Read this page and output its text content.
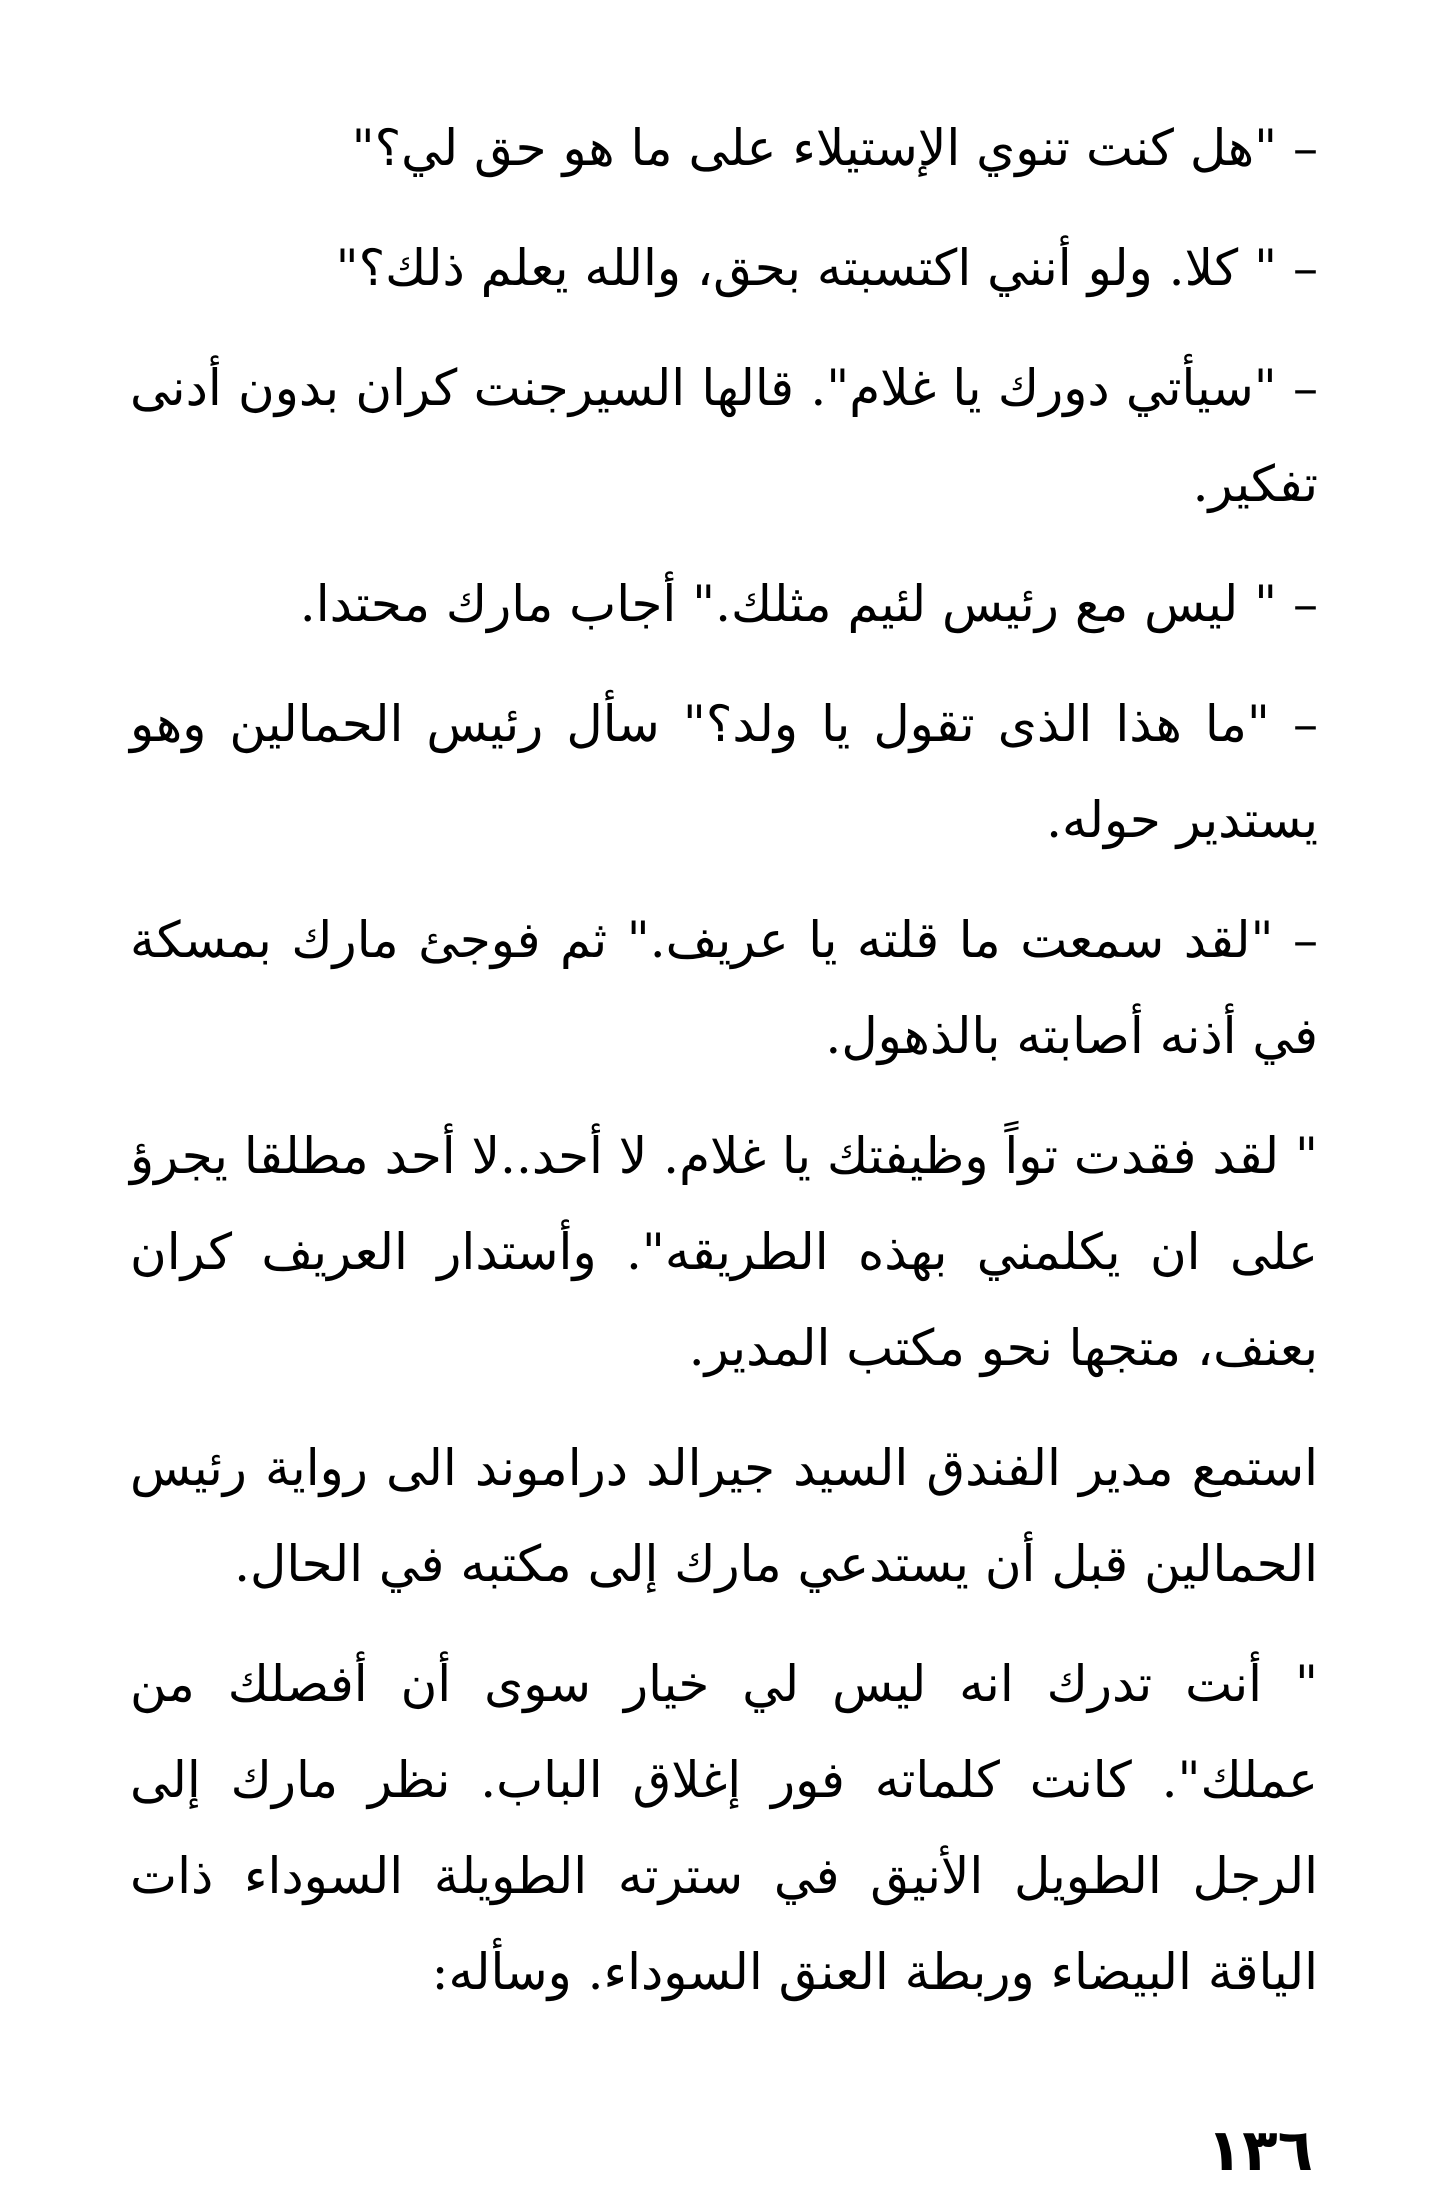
– "هل كنت تنوي الإستيلاء على ما هو حق لي؟"

– " كلا. ولو أنني اكتسبته بحق، والله يعلم ذلك؟"

– "سيأتي دورك يا غلام". قالها السيرجنت كران بدون أدنى تفكير.

– " ليس مع رئيس لئيم مثلك." أجاب مارك محتدا.

– "ما هذا الذى تقول يا ولد؟" سأل رئيس الحمالين وهو يستدير حوله.

– "لقد سمعت ما قلته يا عريف." ثم فوجئ مارك بمسكة في أذنه أصابته بالذهول.

" لقد فقدت تواً وظيفتك يا غلام. لا أحد..لا أحد مطلقا يجرؤ على ان يكلمني بهذه الطريقه". وأستدار العريف كران بعنف، متجها نحو مكتب المدير.

استمع مدير الفندق السيد جيرالد دراموند الى رواية رئيس الحمالين قبل أن يستدعي مارك إلى مكتبه في الحال.

" أنت تدرك انه ليس لي خيار سوى أن أفصلك من عملك". كانت كلماته فور إغلاق الباب. نظر مارك إلى الرجل الطويل الأنيق في سترته الطويلة السوداء ذات الياقة البيضاء وربطة العنق السوداء. وسأله:

١٣٦
